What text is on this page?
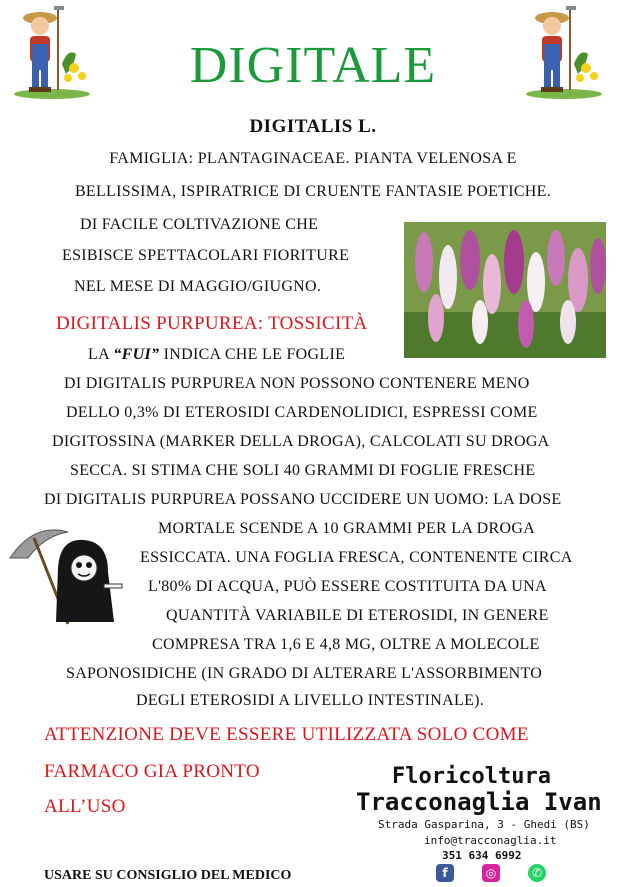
DIGITALE
DIGITALIS L.
FAMIGLIA: PLANTAGINACEAE. PIANTA VELENOSA E
BELLISSIMA, ISPIRATRICE DI CRUENTE FANTASIE POETICHE.
DI FACILE COLTIVAZIONE CHE
ESIBISCE SPETTACOLARI FIORITURE
NEL MESE DI MAGGIO/GIUGNO.
DIGITALIS PURPUREA: TOSSICITÀ
LA “FUI” INDICA CHE LE FOGLIE
DI DIGITALIS PURPUREA NON POSSONO CONTENERE MENO
DELLO 0,3% DI ETEROSIDI CARDENOLIDICI, ESPRESSI COME
DIGITOSSINA (MARKER DELLA DROGA), CALCOLATI SU DROGA
SECCA. SI STIMA CHE SOLI 40 GRAMMI DI FOGLIE FRESCHE
DI DIGITALIS PURPUREA POSSANO UCCIDERE UN UOMO: LA DOSE
MORTALE SCENDE A 10 GRAMMI PER LA DROGA
ESSICCATA. UNA FOGLIA FRESCA, CONTENENTE CIRCA
L'80% DI ACQUA, PUÒ ESSERE COSTITUITA DA UNA
QUANTITÀ VARIABILE DI ETEROSIDI, IN GENERE
COMPRESA TRA 1,6 E 4,8 MG, OLTRE A MOLECOLE
SAPONOSIDICHE (IN GRADO DI ALTERARE L'ASSORBIMENTO
DEGLI ETEROSIDI A LIVELLO INTESTINALE).
ATTENZIONE DEVE ESSERE UTILIZZATA SOLO COME
FARMACO GIA PRONTO
ALL’USO
USARE SU CONSIGLIO DEL MEDICO
Floricoltura
Tracconaglia Ivan
Strada Gasparina, 3 - Ghedi (BS)
info@tracconaglia.it
351 634 6992
f	◎	✆
